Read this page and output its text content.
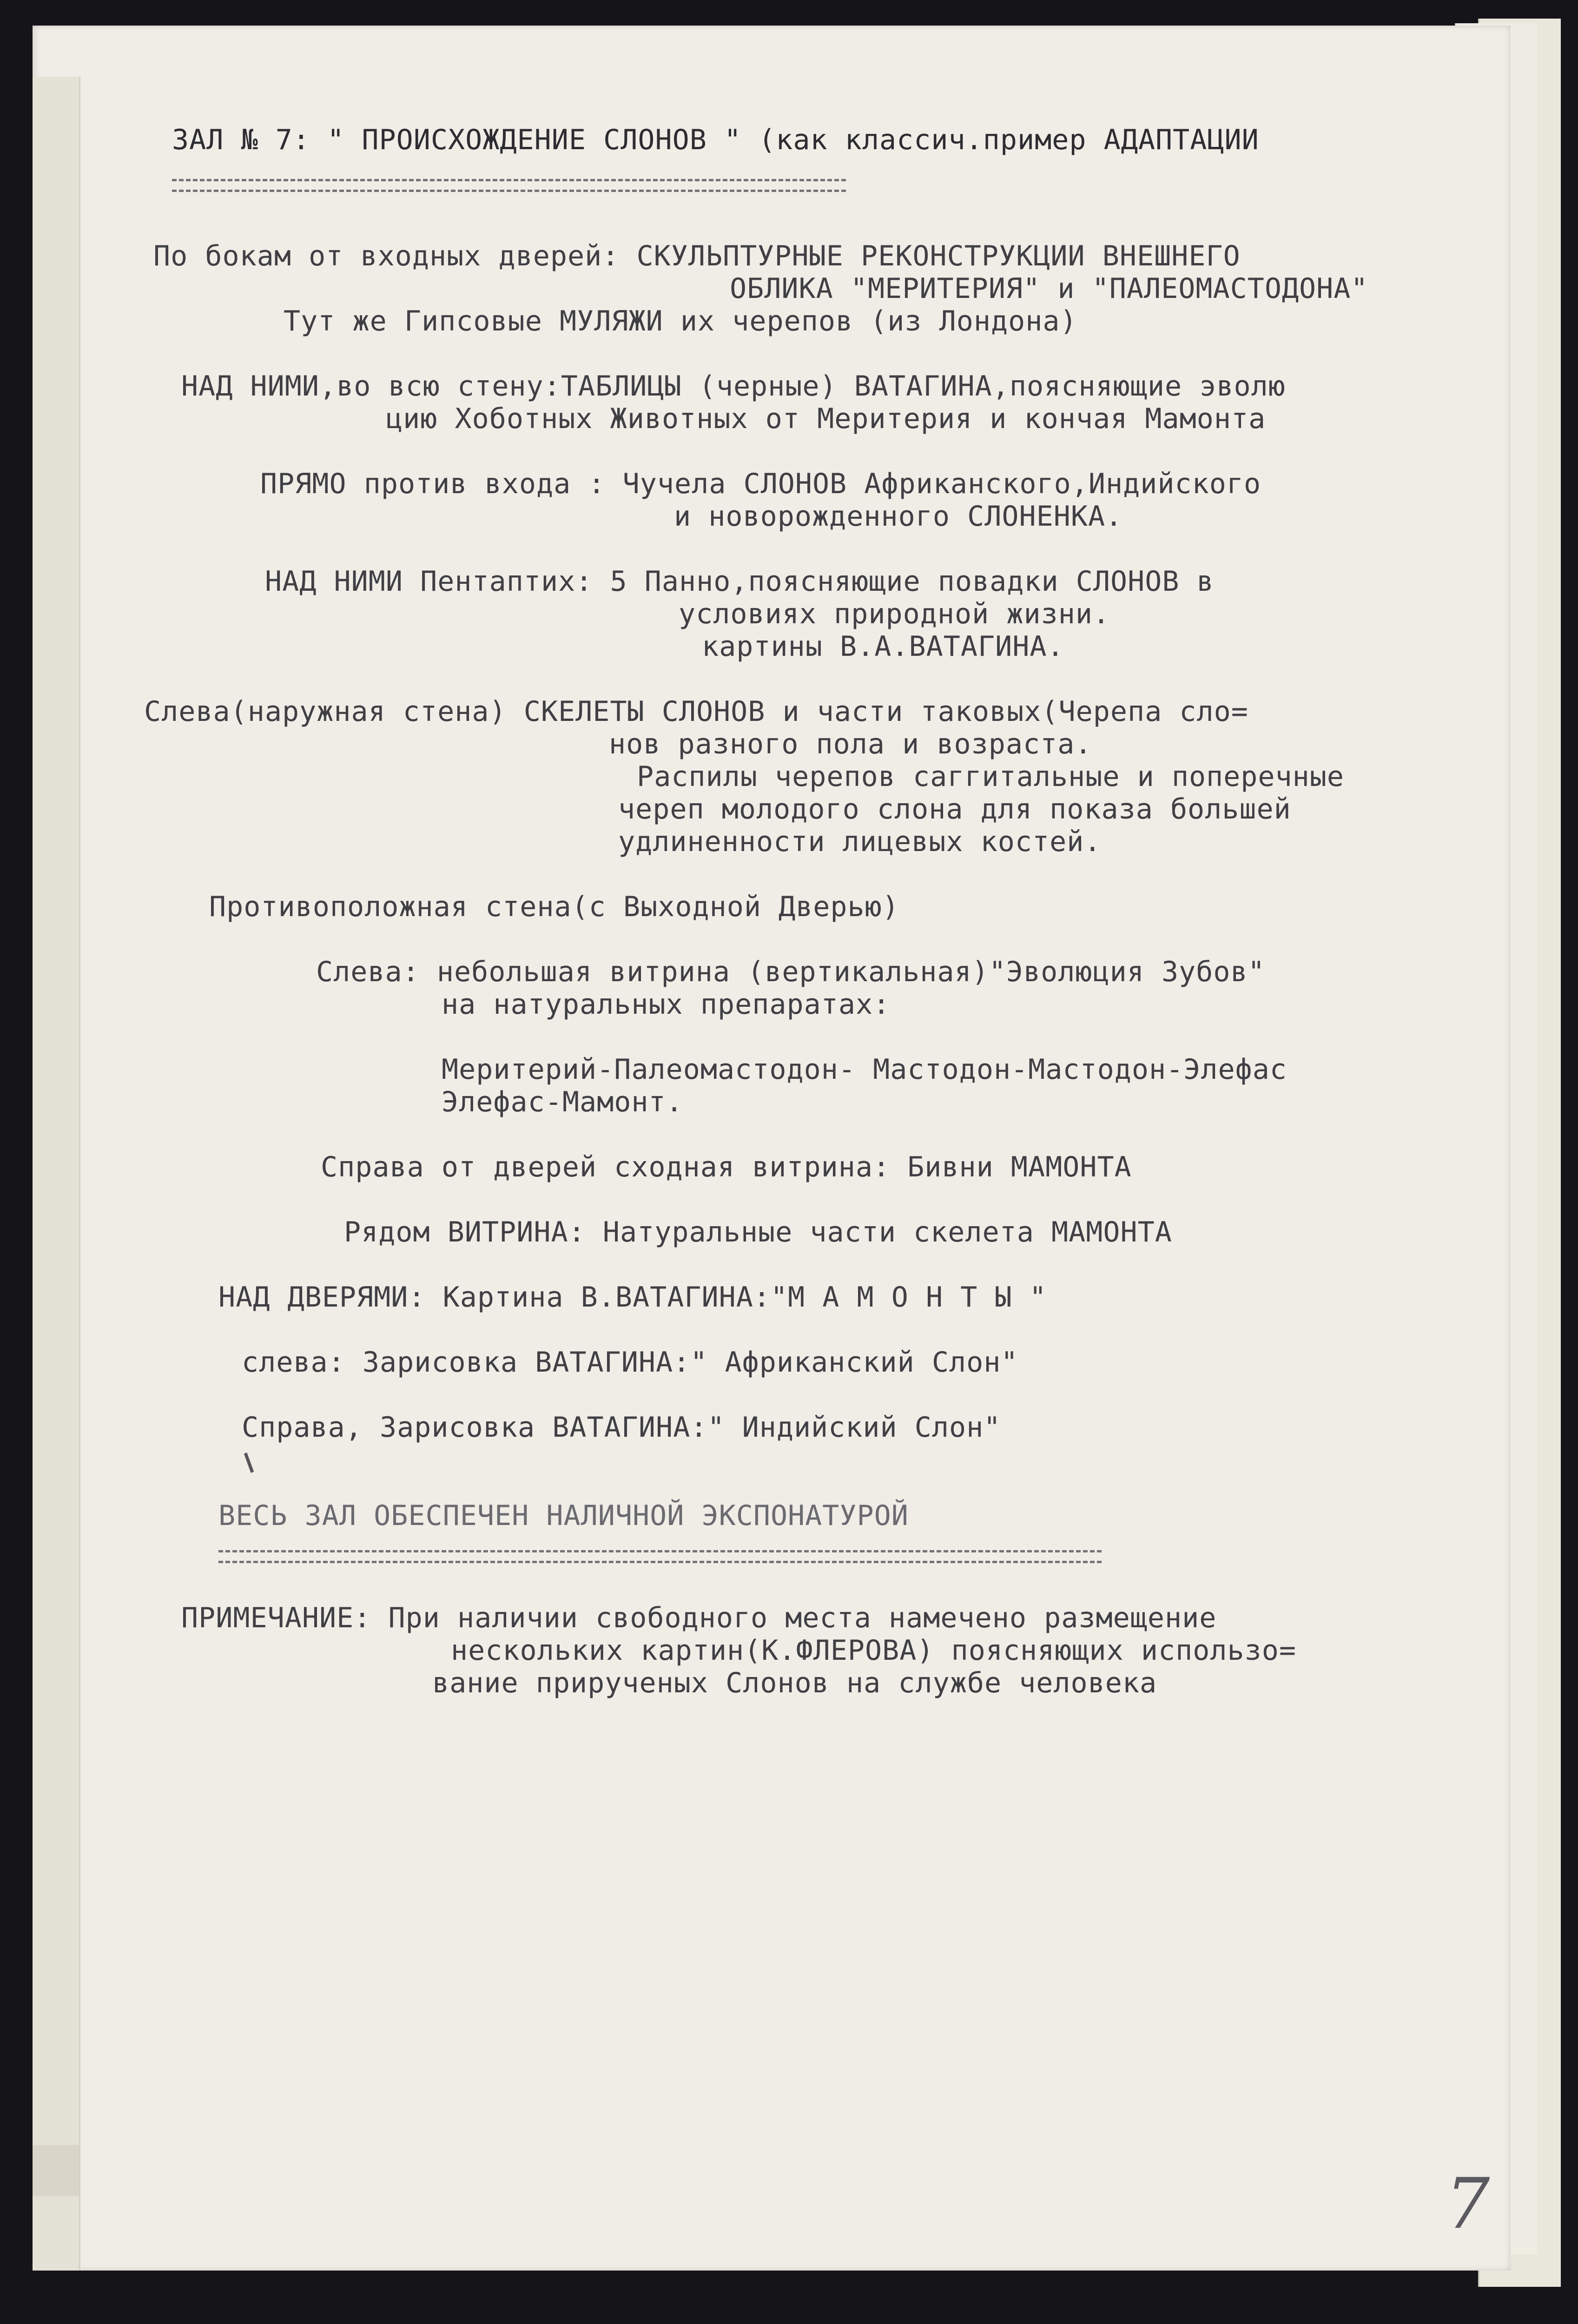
ЗАЛ № 7: " ПРОИСХОЖДЕНИЕ СЛОНОВ " (как классич.пример АДАПТАЦИИ

По бокам от входных дверей: СКУЛЬПТУРНЫЕ РЕКОНСТРУКЦИИ ВНЕШНЕГО

ОБЛИКА "МЕРИТЕРИЯ" и "ПАЛЕОМАСТОДОНА"

Тут же Гипсовые МУЛЯЖИ их черепов (из Лондона)

НАД НИМИ,во всю стену:ТАБЛИЦЫ (черные) ВАТАГИНА,поясняющие эволю

цию Хоботных Животных от Мeритерия и кончая Мамонта

ПРЯМО против входа : Чучела СЛОНОВ Африканского,Индийского

и новорожденного СЛОНЕНКА.

НАД НИМИ Пентаптих: 5 Панно,поясняющие повадки СЛОНОВ в

условиях природной жизни.

картины В.А.ВАТАГИНА.

Слева(наружная стена) СКЕЛЕТЫ СЛОНОВ и части таковых(Черепа сло=

нов разного пола и возраста.

Распилы черепов саггитальные и поперечные

череп молодого слона для показа большей

удлиненности лицевых костей.

Противоположная стена(с Выходной Дверью)

Слева: небольшая витрина (вертикальная)"Эволюция Зубов"

на натуральных препаратах:

Меритерий-Палеомастодон- Мастодон-Мастодон-Элефас

Элефас-Мамонт.

Справа от дверей сходная витрина: Бивни МАМОНТА

Рядом ВИТРИНА: Натуральные части скелета МАМОНТА

НАД ДВЕРЯМИ: Картина В.ВАТАГИНА:"М А М О Н Т Ы "

слева: Зарисовка ВАТАГИНА:" Африканский Слон"

Справа, Зарисовка ВАТАГИНА:" Индийский Слон"

ВЕСЬ ЗАЛ ОБЕСПЕЧЕН НАЛИЧНОЙ ЭКСПОНАТУРОЙ

ПРИМЕЧАНИЕ: При наличии свободного места намечено размещение

нескольких картин(К.ФЛЕРОВА) поясняющих использо=

вание прирученых Слонов на службе человека

7
